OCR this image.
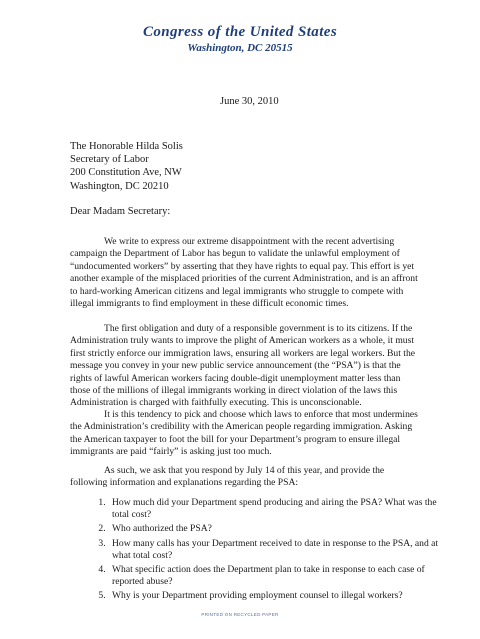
Congress of the United States
Washington, DC 20515
June 30, 2010
The Honorable Hilda Solis
Secretary of Labor
200 Constitution Ave, NW
Washington, DC 20210
Dear Madam Secretary:

We write to express our extreme disappointment with the recent advertising campaign the Department of Labor has begun to validate the unlawful employment of “undocumented workers” by asserting that they have rights to equal pay. This effort is yet another example of the misplaced priorities of the current Administration, and is an affront to hard-working American citizens and legal immigrants who struggle to compete with illegal immigrants to find employment in these difficult economic times.

The first obligation and duty of a responsible government is to its citizens. If the Administration truly wants to improve the plight of American workers as a whole, it must first strictly enforce our immigration laws, ensuring all workers are legal workers. But the message you convey in your new public service announcement (the “PSA”) is that the rights of lawful American workers facing double-digit unemployment matter less than those of the millions of illegal immigrants working in direct violation of the laws this Administration is charged with faithfully executing. This is unconscionable.

It is this tendency to pick and choose which laws to enforce that most undermines the Administration’s credibility with the American people regarding immigration. Asking the American taxpayer to foot the bill for your Department’s program to ensure illegal immigrants are paid “fairly” is asking just too much.

As such, we ask that you respond by July 14 of this year, and provide the following information and explanations regarding the PSA:

1. How much did your Department spend producing and airing the PSA? What was the total cost?
2. Who authorized the PSA?
3. How many calls has your Department received to date in response to the PSA, and at what total cost?
4. What specific action does the Department plan to take in response to each case of reported abuse?
5. Why is your Department providing employment counsel to illegal workers?
PRINTED ON RECYCLED PAPER
